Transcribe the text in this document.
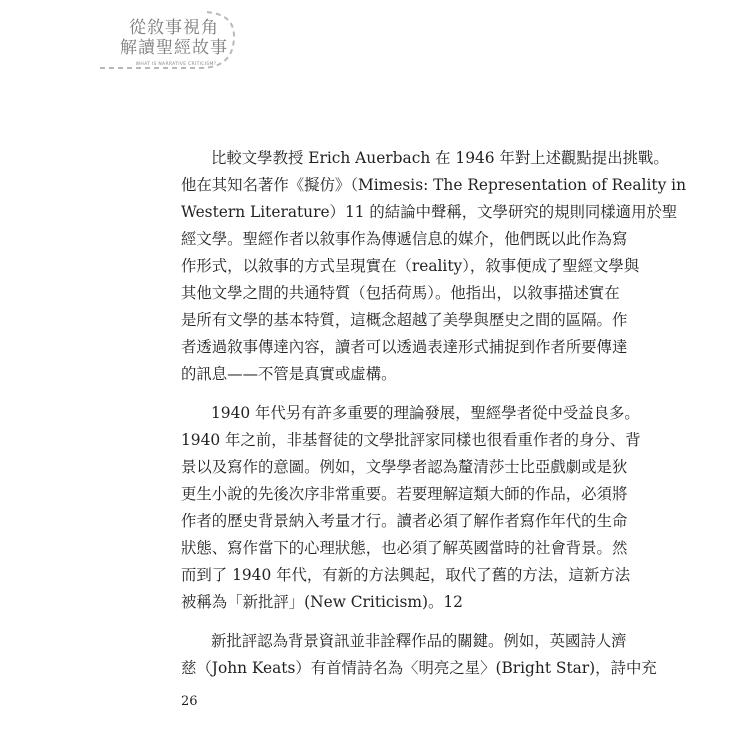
從敘事視角
解讀聖經故事
WHAT IS NARRATIVE CRITICISM?
比較文學教授 Erich Auerbach 在 1946 年對上述觀點提出挑戰。
他在其知名著作《擬仿》（Mimesis: The Representation of Reality in
Western Literature）11 的結論中聲稱，文學研究的規則同樣適用於聖
經文學。聖經作者以敘事作為傳遞信息的媒介，他們既以此作為寫
作形式，以敘事的方式呈現實在（reality），敘事便成了聖經文學與
其他文學之間的共通特質（包括荷馬）。他指出，以敘事描述實在
是所有文學的基本特質，這概念超越了美學與歷史之間的區隔。作
者透過敘事傳達內容，讀者可以透過表達形式捕捉到作者所要傳達
的訊息——不管是真實或虛構。
1940 年代另有許多重要的理論發展，聖經學者從中受益良多。
1940 年之前，非基督徒的文學批評家同樣也很看重作者的身分、背
景以及寫作的意圖。例如，文學學者認為釐清莎士比亞戲劇或是狄
更生小說的先後次序非常重要。若要理解這類大師的作品，必須將
作者的歷史背景納入考量才行。讀者必須了解作者寫作年代的生命
狀態、寫作當下的心理狀態，也必須了解英國當時的社會背景。然
而到了 1940 年代，有新的方法興起，取代了舊的方法，這新方法
被稱為「新批評」(New Criticism)。12
新批評認為背景資訊並非詮釋作品的關鍵。例如，英國詩人濟
慈（John Keats）有首情詩名為〈明亮之星〉(Bright Star)，詩中充
26
